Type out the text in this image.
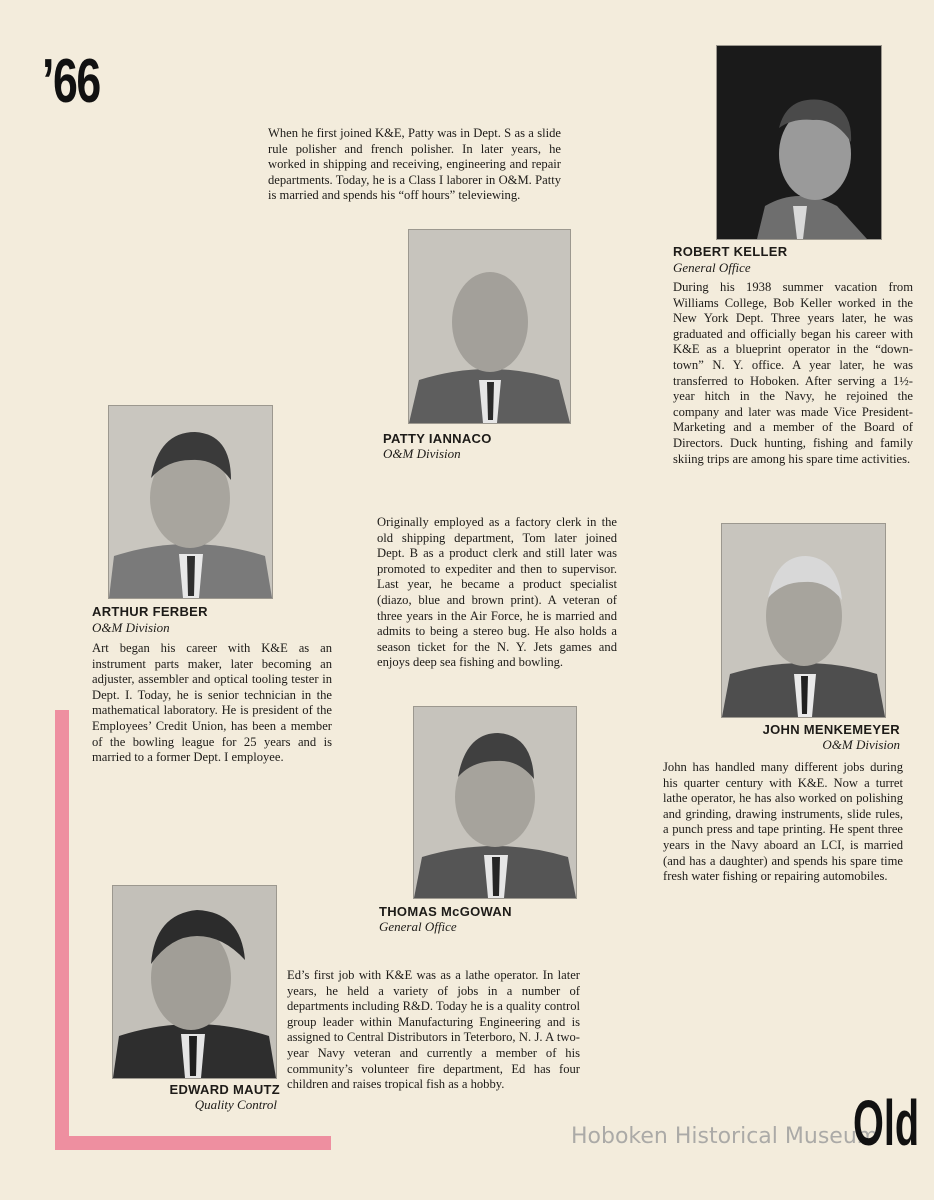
’66
When he first joined K&E, Patty was in Dept. S as a slide rule polisher and french polisher. In later years, he worked in shipping and receiving, engineering and repair departments. Today, he is a Class I laborer in O&M. Patty is married and spends his “off hours” televiewing.
ROBERT KELLER
General Office
During his 1938 summer vacation from Williams College, Bob Keller worked in the New York Dept. Three years later, he was graduated and officially began his career with K&E as a blueprint operator in the “down-town” N. Y. office. A year later, he was transferred to Hoboken. After serving a 1½-year hitch in the Navy, he rejoined the company and later was made Vice President-Marketing and a member of the Board of Directors. Duck hunting, fishing and family skiing trips are among his spare time activities.
PATTY IANNACO
O&M Division
ARTHUR FERBER
O&M Division
Art began his career with K&E as an instrument parts maker, later becoming an adjuster, assembler and optical tooling tester in Dept. I. Today, he is senior technician in the mathematical laboratory. He is president of the Employees’ Credit Union, has been a member of the bowling league for 25 years and is married to a former Dept. I employee.
Originally employed as a factory clerk in the old shipping department, Tom later joined Dept. B as a product clerk and still later was promoted to expediter and then to supervisor. Last year, he became a product specialist (diazo, blue and brown print). A veteran of three years in the Air Force, he is married and admits to being a stereo bug. He also holds a season ticket for the N. Y. Jets games and enjoys deep sea fishing and bowling.
JOHN MENKEMEYER
O&M Division
John has handled many different jobs during his quarter century with K&E. Now a turret lathe operator, he has also worked on polishing and grinding, drawing instruments, slide rules, a punch press and tape printing. He spent three years in the Navy aboard an LCI, is married (and has a daughter) and spends his spare time fresh water fishing or repairing automobiles.
THOMAS McGOWAN
General Office
EDWARD MAUTZ
Quality Control
Ed’s first job with K&E was as a lathe operator. In later years, he held a variety of jobs in a number of departments including R&D. Today he is a quality control group leader within Manufacturing Engineering and is assigned to Central Distributors in Teterboro, N. J. A two-year Navy veteran and currently a member of his community’s volunteer fire department, Ed has four children and raises tropical fish as a hobby.
Hoboken Historical Museum
Old
